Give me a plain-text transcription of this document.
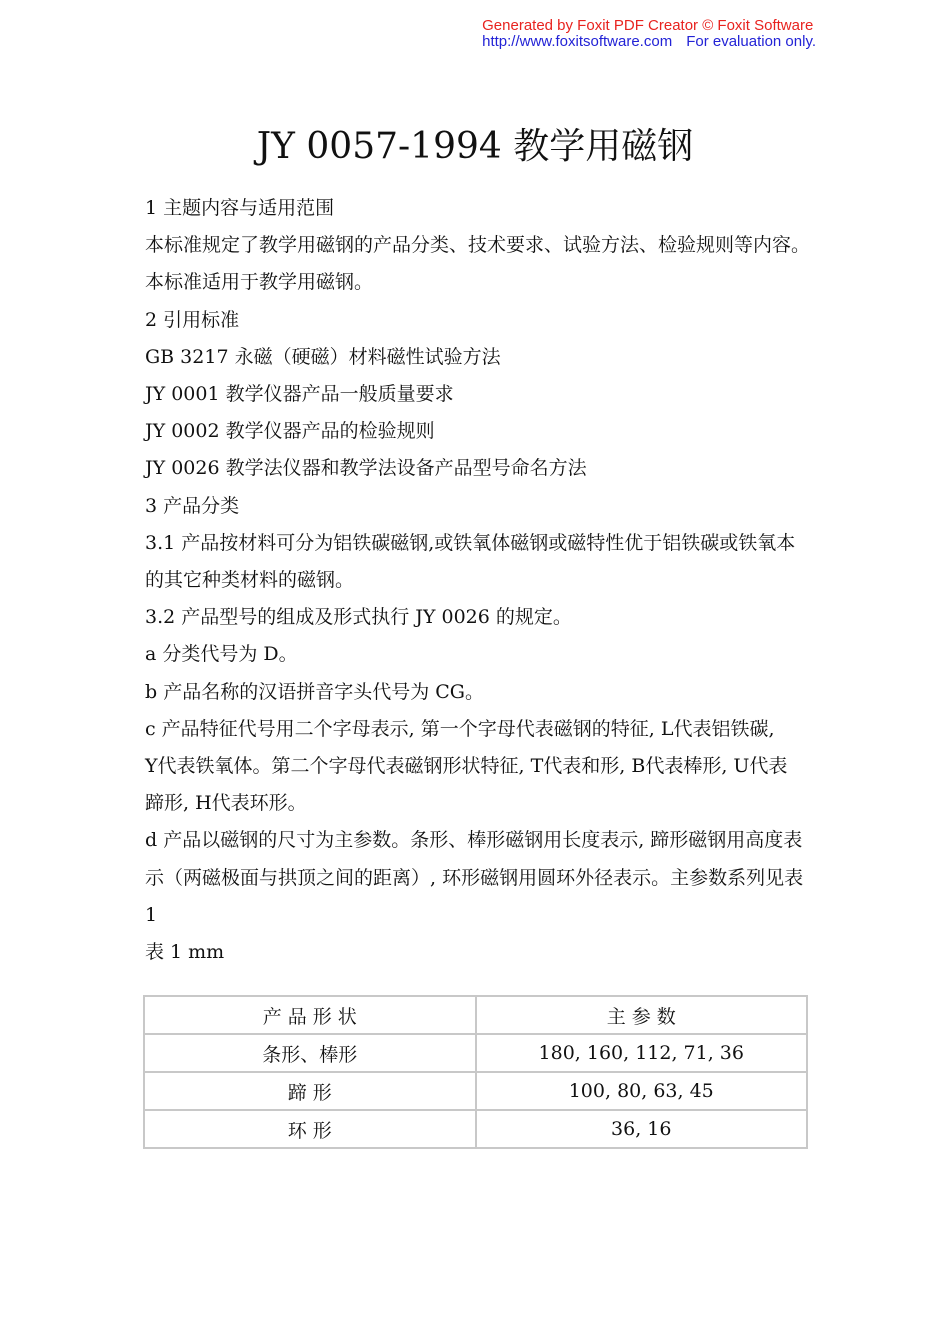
Generated by Foxit PDF Creator © Foxit Software
http://www.foxitsoftware.com For evaluation only.
JY 0057-1994 教学用磁钢

1 主题内容与适用范围

本标准规定了教学用磁钢的产品分类、技术要求、试验方法、检验规则等内容。

本标准适用于教学用磁钢。

2 引用标准

GB 3217 永磁（硬磁）材料磁性试验方法

JY 0001 教学仪器产品一般质量要求

JY 0002 教学仪器产品的检验规则

JY 0026 教学法仪器和教学法设备产品型号命名方法

3 产品分类

3.1 产品按材料可分为铝铁碳磁钢,或铁氧体磁钢或磁特性优于铝铁碳或铁氧本

的其它种类材料的磁钢。

3.2 产品型号的组成及形式执行 JY 0026 的规定。

a 分类代号为 D。

b 产品名称的汉语拼音字头代号为 CG。

c 产品特征代号用二个字母表示, 第一个字母代表磁钢的特征, L代表铝铁碳,

Y代表铁氧体。第二个字母代表磁钢形状特征, T代表和形, B代表棒形, U代表

蹄形, H代表环形。

d 产品以磁钢的尺寸为主参数。条形、棒形磁钢用长度表示, 蹄形磁钢用高度表

示（两磁极面与拱顶之间的距离）, 环形磁钢用圆环外径表示。主参数系列见表

1

表 1 mm

产 品 形 状	主 参 数
条形、棒形	180, 160, 112, 71, 36
蹄 形	100, 80, 63, 45
环 形	36, 16
